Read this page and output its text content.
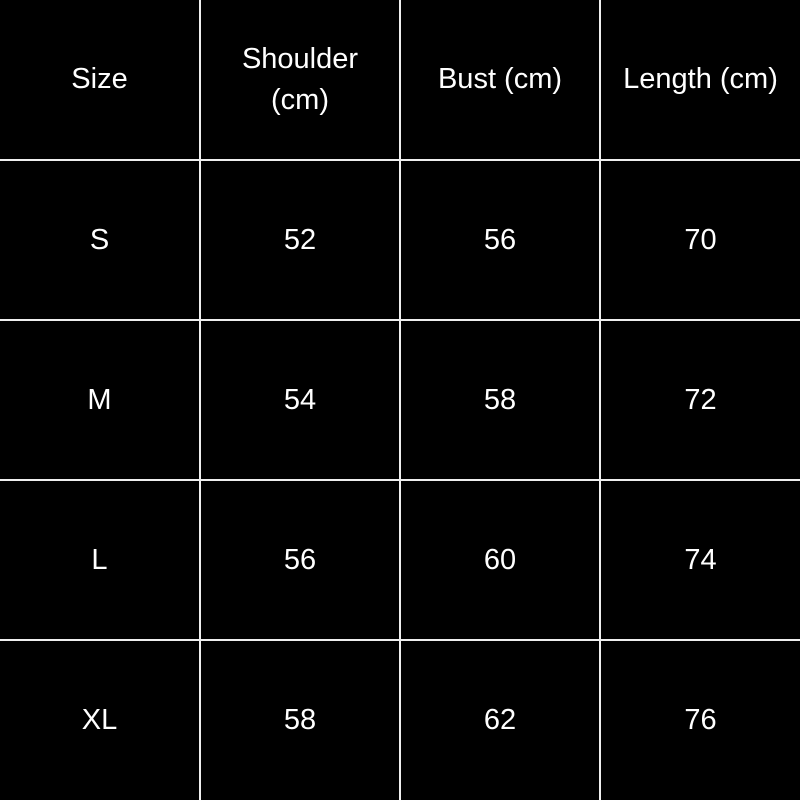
Size	Shoulder (cm)	Bust (cm)	Length (cm)
S	52	56	70
M	54	58	72
L	56	60	74
XL	58	62	76
